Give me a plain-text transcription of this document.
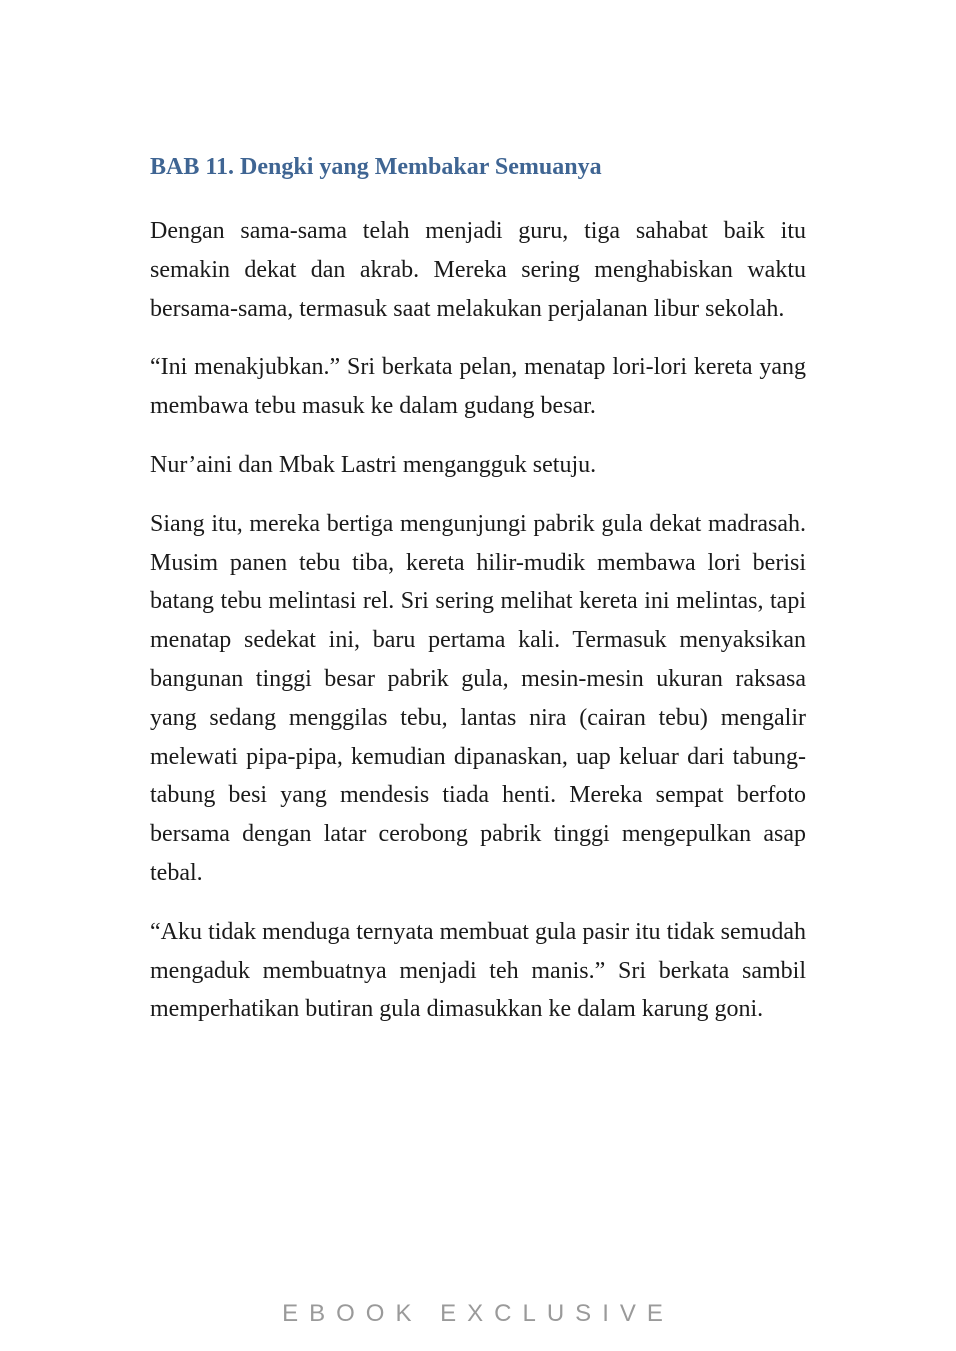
BAB 11. Dengki yang Membakar Semuanya

Dengan sama-sama telah menjadi guru, tiga sahabat baik itu semakin dekat dan akrab. Mereka sering menghabiskan waktu bersama-sama, termasuk saat melakukan perjalanan libur sekolah.

“Ini menakjubkan.” Sri berkata pelan, menatap lori-lori kereta yang membawa tebu masuk ke dalam gudang besar.

Nur’aini dan Mbak Lastri mengangguk setuju.

Siang itu, mereka bertiga mengunjungi pabrik gula dekat madrasah. Musim panen tebu tiba, kereta hilir-mudik membawa lori berisi batang tebu melintasi rel. Sri sering melihat kereta ini melintas, tapi menatap sedekat ini, baru pertama kali. Termasuk menyaksikan bangunan tinggi besar pabrik gula, mesin-mesin ukuran raksasa yang sedang menggilas tebu, lantas nira (cairan tebu) mengalir melewati pipa-pipa, kemudian dipanaskan, uap keluar dari tabung-tabung besi yang mendesis tiada henti. Mereka sempat berfoto bersama dengan latar cerobong pabrik tinggi mengepulkan asap tebal.

“Aku tidak menduga ternyata membuat gula pasir itu tidak semudah mengaduk membuatnya menjadi teh manis.” Sri berkata sambil memperhatikan butiran gula dimasukkan ke dalam karung goni.

EBOOK EXCLUSIVE
